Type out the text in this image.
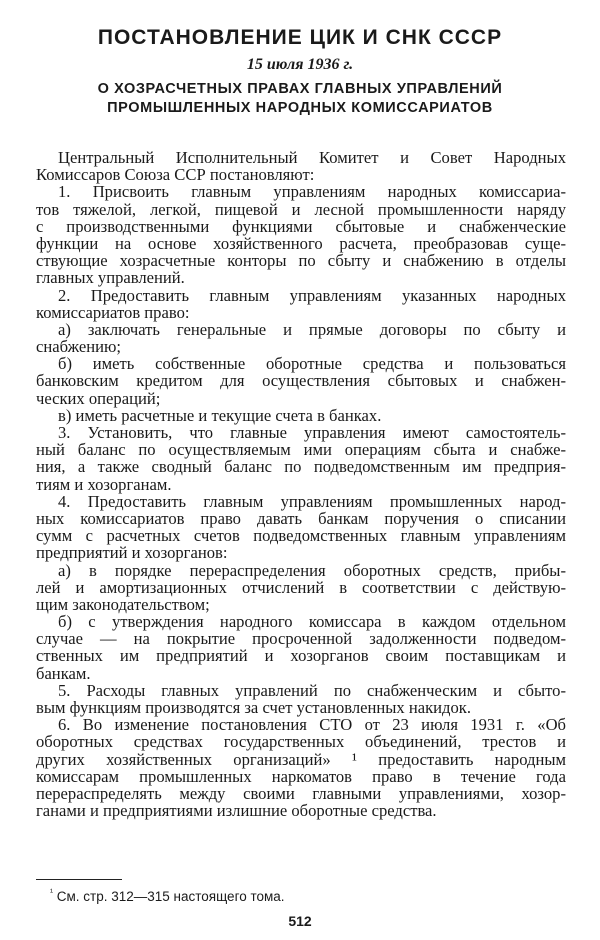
ПОСТАНОВЛЕНИЕ ЦИК И СНК СССР
15 июля 1936 г.
О ХОЗРАСЧЕТНЫХ ПРАВАХ ГЛАВНЫХ УПРАВЛЕНИЙ
ПРОМЫШЛЕННЫХ НАРОДНЫХ КОМИССАРИАТОВ
Центральный Исполнительный Комитет и Совет Народных
Комиссаров Союза ССР постановляют:
1. Присвоить главным управлениям народных комиссариа-
тов тяжелой, легкой, пищевой и лесной промышленности наряду
с производственными функциями сбытовые и снабженческие
функции на основе хозяйственного расчета, преобразовав суще-
ствующие хозрасчетные конторы по сбыту и снабжению в отделы
главных управлений.
2. Предоставить главным управлениям указанных народных
комиссариатов право:
а) заключать генеральные и прямые договоры по сбыту и
снабжению;
б) иметь собственные оборотные средства и пользоваться
банковским кредитом для осуществления сбытовых и снабжен-
ческих операций;
в) иметь расчетные и текущие счета в банках.
3. Установить, что главные управления имеют самостоятель-
ный баланс по осуществляемым ими операциям сбыта и снабже-
ния, а также сводный баланс по подведомственным им предприя-
тиям и хозорганам.
4. Предоставить главным управлениям промышленных народ-
ных комиссариатов право давать банкам поручения о списании
сумм с расчетных счетов подведомственных главным управлениям
предприятий и хозорганов:
а) в порядке перераспределения оборотных средств, прибы-
лей и амортизационных отчислений в соответствии с действую-
щим законодательством;
б) с утверждения народного комиссара в каждом отдельном
случае — на покрытие просроченной задолженности подведом-
ственных им предприятий и хозорганов своим поставщикам и
банкам.
5. Расходы главных управлений по снабженческим и сбыто-
вым функциям производятся за счет установленных накидок.
6. Во изменение постановления СТО от 23 июля 1931 г. «Об
оборотных средствах государственных объединений, трестов и
других хозяйственных организаций» ¹ предоставить народным
комиссарам промышленных наркоматов право в течение года
перераспределять между своими главными управлениями, хозор-
ганами и предприятиями излишние оборотные средства.
$^{^1}$ См. стр. 312—315 настоящего тома.
512
